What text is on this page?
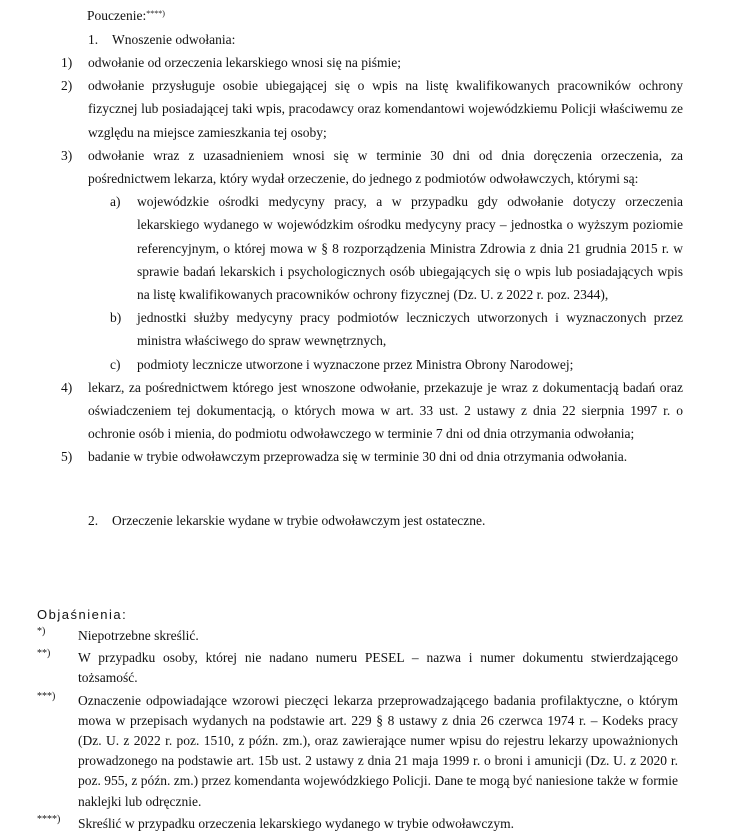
Pouczenie:****)
1. Wnoszenie odwołania:
1) odwołanie od orzeczenia lekarskiego wnosi się na piśmie;
2) odwołanie przysługuje osobie ubiegającej się o wpis na listę kwalifikowanych pracowników ochrony fizycznej lub posiadającej taki wpis, pracodawcy oraz komendantowi wojewódzkiemu Policji właściwemu ze względu na miejsce zamieszkania tej osoby;
3) odwołanie wraz z uzasadnieniem wnosi się w terminie 30 dni od dnia doręczenia orzeczenia, za pośrednictwem lekarza, który wydał orzeczenie, do jednego z podmiotów odwoławczych, którymi są:
a) wojewódzkie ośrodki medycyny pracy, a w przypadku gdy odwołanie dotyczy orzeczenia lekarskiego wydanego w wojewódzkim ośrodku medycyny pracy – jednostka o wyższym poziomie referencyjnym, o której mowa w § 8 rozporządzenia Ministra Zdrowia z dnia 21 grudnia 2015 r. w sprawie badań lekarskich i psychologicznych osób ubiegających się o wpis lub posiadających wpis na listę kwalifikowanych pracowników ochrony fizycznej (Dz. U. z 2022 r. poz. 2344),
b) jednostki służby medycyny pracy podmiotów leczniczych utworzonych i wyznaczonych przez ministra właściwego do spraw wewnętrznych,
c) podmioty lecznicze utworzone i wyznaczone przez Ministra Obrony Narodowej;
4) lekarz, za pośrednictwem którego jest wnoszone odwołanie, przekazuje je wraz z dokumentacją badań oraz oświadczeniem tej dokumentacją, o których mowa w art. 33 ust. 2 ustawy z dnia 22 sierpnia 1997 r. o ochronie osób i mienia, do podmiotu odwoławczego w terminie 7 dni od dnia otrzymania odwołania;
5) badanie w trybie odwoławczym przeprowadza się w terminie 30 dni od dnia otrzymania odwołania.
2. Orzeczenie lekarskie wydane w trybie odwoławczym jest ostateczne.
Objaśnienia:
*) Niepotrzebne skreślić.
**) W przypadku osoby, której nie nadano numeru PESEL – nazwa i numer dokumentu stwierdzającego tożsamość.
***) Oznaczenie odpowiadające wzorowi pieczęci lekarza przeprowadzającego badania profilaktyczne, o którym mowa w przepisach wydanych na podstawie art. 229 § 8 ustawy z dnia 26 czerwca 1974 r. – Kodeks pracy (Dz. U. z 2022 r. poz. 1510, z późn. zm.), oraz zawierające numer wpisu do rejestru lekarzy upoważnionych prowadzonego na podstawie art. 15b ust. 2 ustawy z dnia 21 maja 1999 r. o broni i amunicji (Dz. U. z 2020 r. poz. 955, z późn. zm.) przez komendanta wojewódzkiego Policji. Dane te mogą być naniesione także w formie naklejki lub odręcznie.
****) Skreślić w przypadku orzeczenia lekarskiego wydanego w trybie odwoławczym.
